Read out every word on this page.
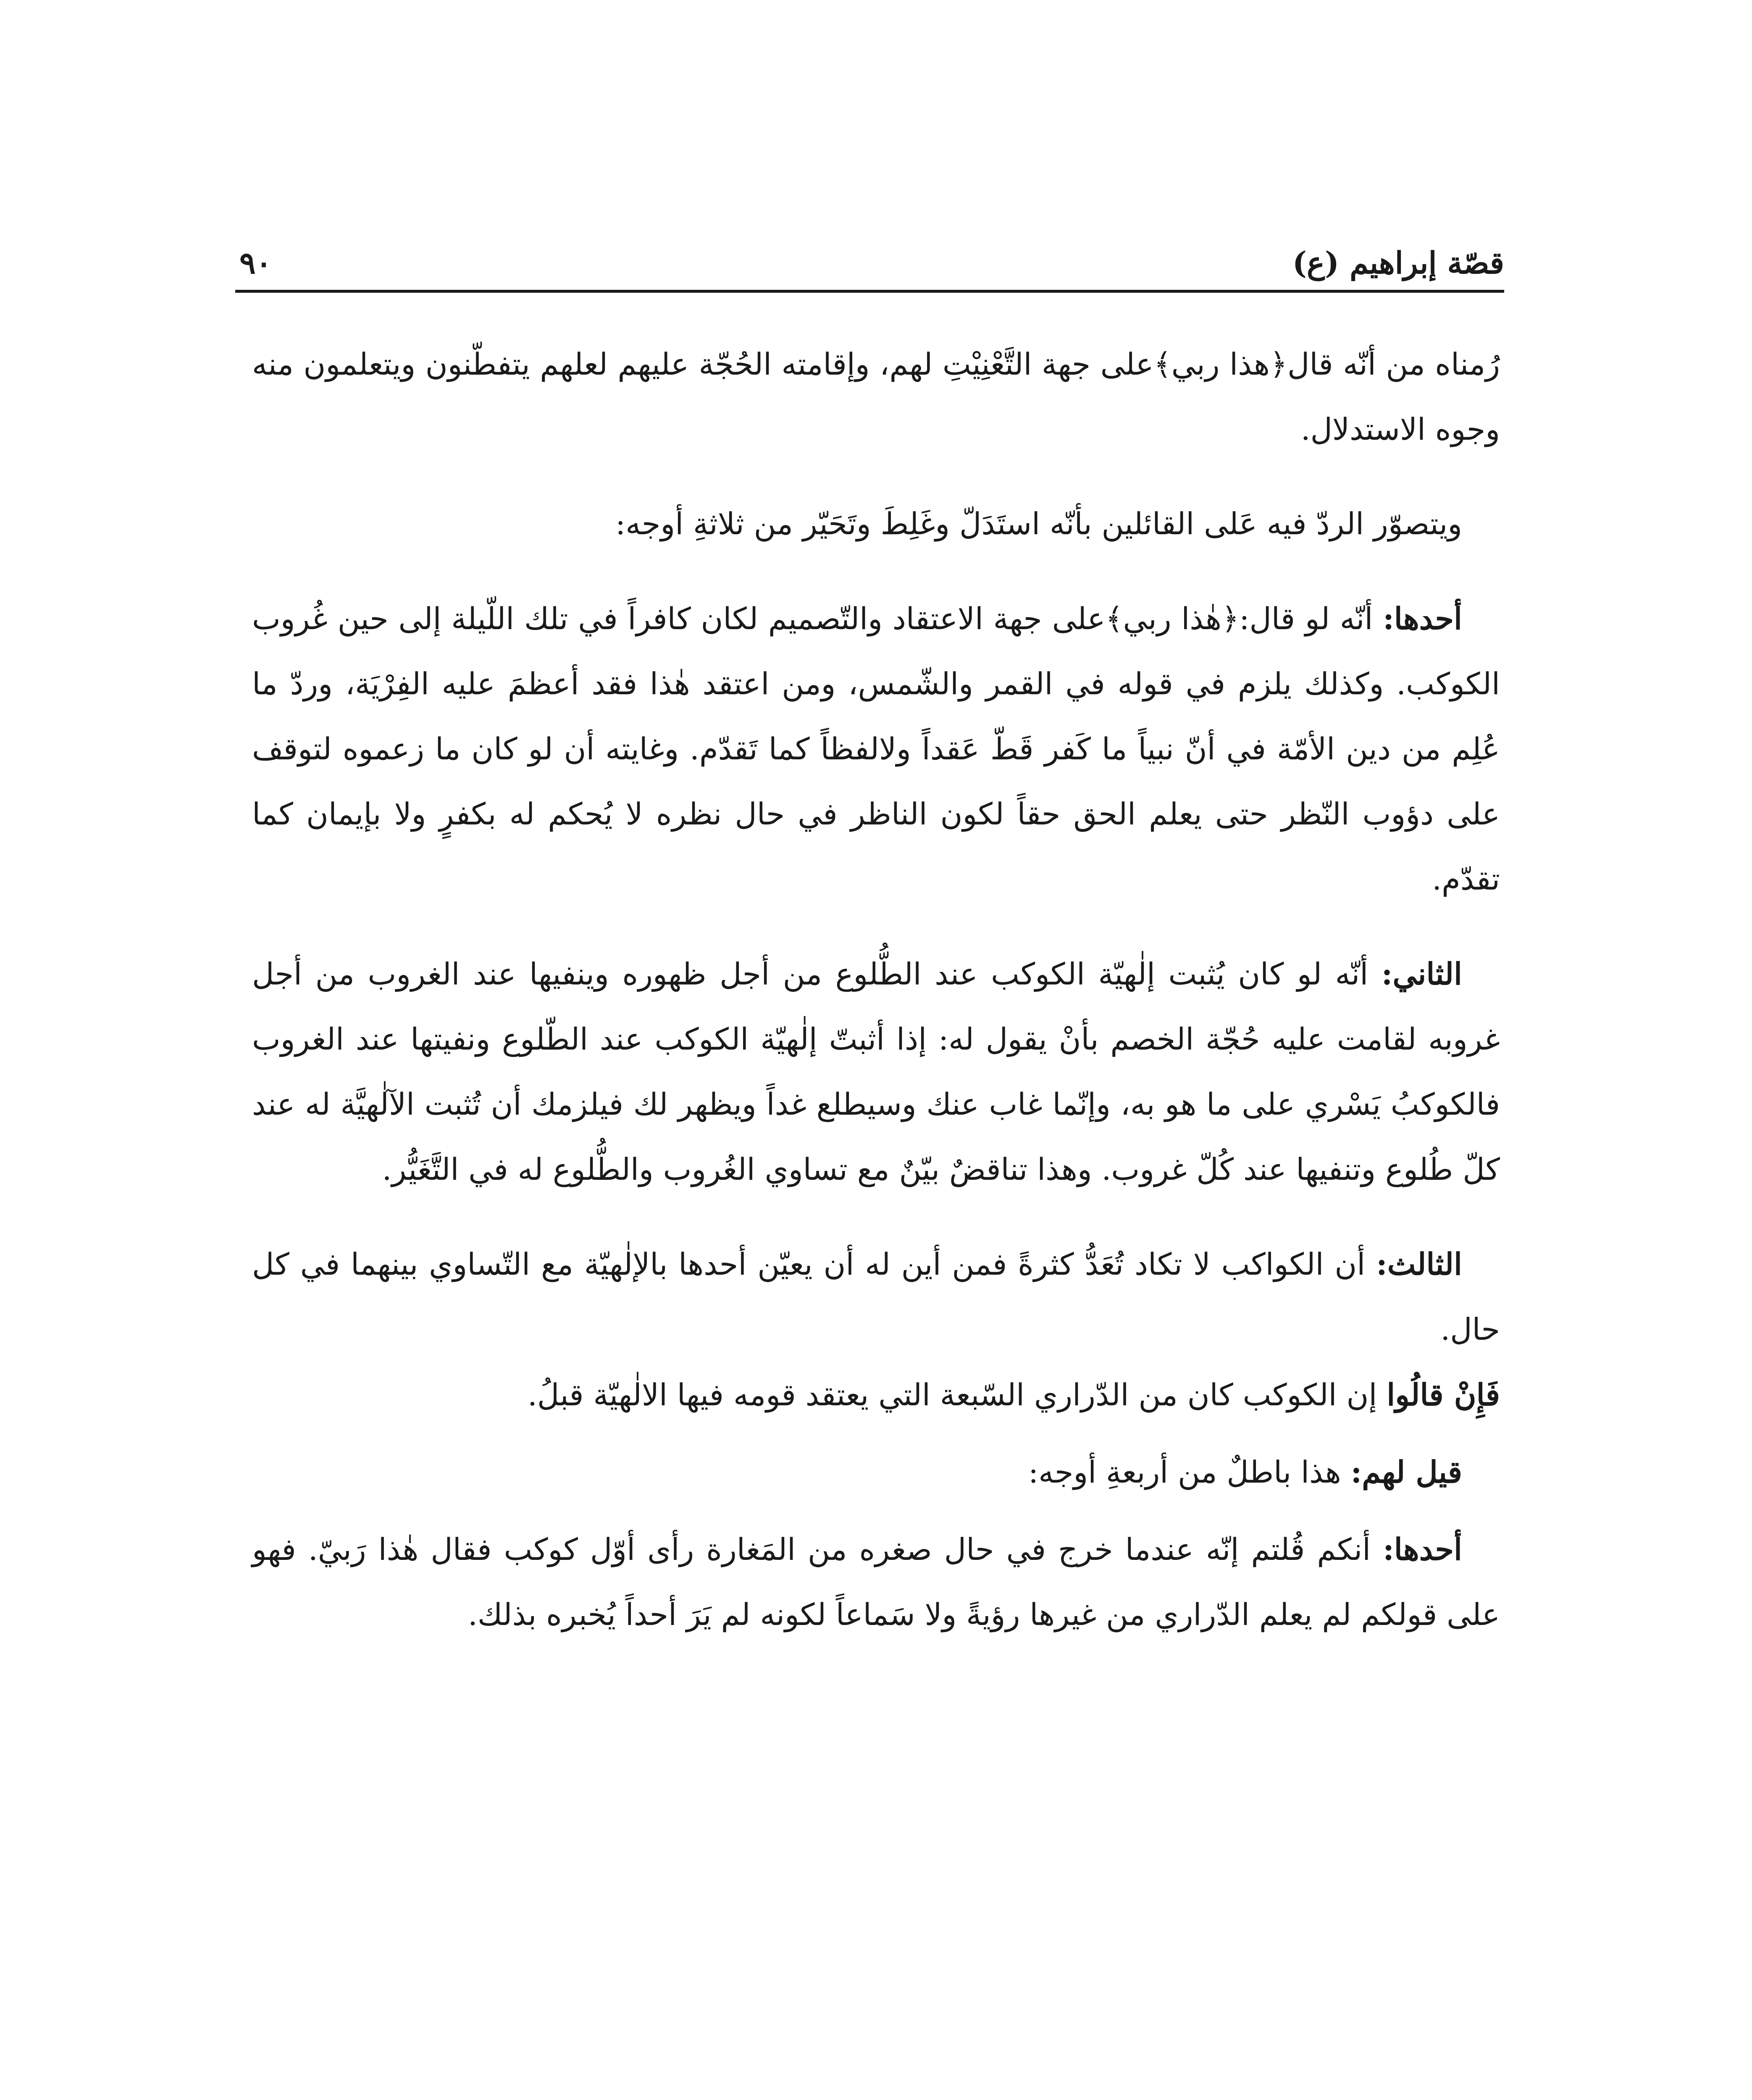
قصّة إبراهيم (ع)
٩٠

رُمناه من أنّه قال﴿هذا ربي﴾على جهة التَّعْنِيْتِ لهم، وإقامته الحُجّة عليهم لعلهم يتفطّنون ويتعلمون منه وجوه الاستدلال.

ويتصوّر الردّ فيه عَلى القائلين بأنّه استَدَلّ وغَلِطَ وتَحَيّر من ثلاثةِ أوجه:

أحدها: أنّه لو قال:﴿هٰذا ربي﴾على جهة الاعتقاد والتّصميم لكان كافراً في تلك اللّيلة إلى حين غُروب الكوكب. وكذلك يلزم في قوله في القمر والشّمس، ومن اعتقد هٰذا فقد أعظمَ عليه الفِرْيَة، وردّ ما عُلِم من دين الأمّة في أنّ نبياً ما كَفر قَطّ عَقداً ولالفظاً كما تَقدّم. وغايته أن لو كان ما زعموه لتوقف على دؤوب النّظر حتى يعلم الحق حقاً لكون الناظر في حال نظره لا يُحكم له بكفرٍ ولا بإيمان كما تقدّم.

الثاني: أنّه لو كان يُثبت إلٰهيّة الكوكب عند الطُّلوع من أجل ظهوره وينفيها عند الغروب من أجل غروبه لقامت عليه حُجّة الخصم بأنْ يقول له: إذا أثبتّ إلٰهيّة الكوكب عند الطّلوع ونفيتها عند الغروب فالكوكبُ يَسْري على ما هو به، وإنّما غاب عنك وسيطلع غداً ويظهر لك فيلزمك أن تُثبت الآلٰهيَّة له عند كلّ طُلوع وتنفيها عند كُلّ غروب. وهذا تناقضٌ بيّنٌ مع تساوي الغُروب والطُّلوع له في التَّغَيُّر.

الثالث: أن الكواكب لا تكاد تُعَدُّ كثرةً فمن أين له أن يعيّن أحدها بالإلٰهيّة مع التّساوي بينهما في كل حال.

فَإِنْ قالُوا إن الكوكب كان من الدّراري السّبعة التي يعتقد قومه فيها الالٰهيّة قبلُ.

قيل لهم: هذا باطلٌ من أربعةِ أوجه:

أحدها: أنكم قُلتم إنّه عندما خرج في حال صغره من المَغارة رأى أوّل كوكب فقال هٰذا رَبيّ. فهو على قولكم لم يعلم الدّراري من غيرها رؤيةً ولا سَماعاً لكونه لم يَرَ أحداً يُخبره بذلك.
